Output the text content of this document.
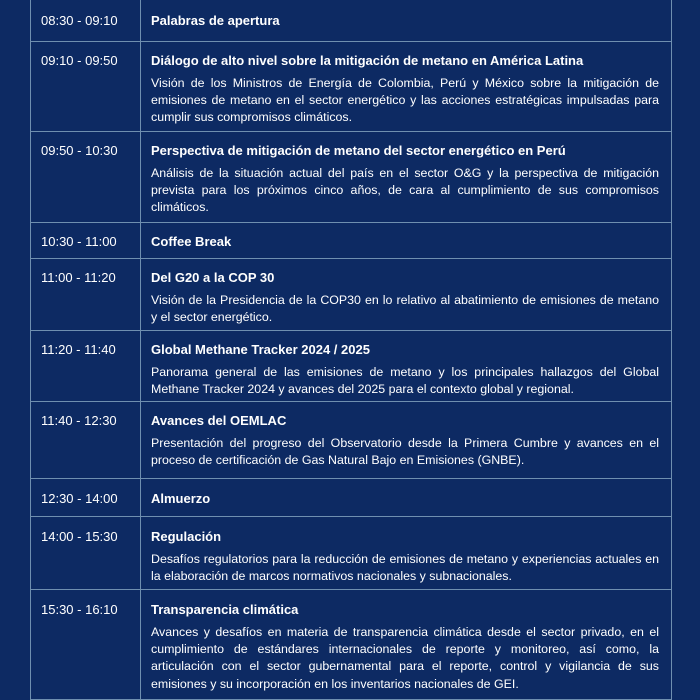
08:30 - 09:10	Palabras de apertura
09:10 - 09:50	Diálogo de alto nivel sobre la mitigación de metano en América Latina
Visión de los Ministros de Energía de Colombia, Perú y México sobre la mitigación de emisiones de metano en el sector energético y las acciones estratégicas impulsadas para cumplir sus compromisos climáticos.
09:50 - 10:30	Perspectiva de mitigación de metano del sector energético en Perú
Análisis de la situación actual del país en el sector O&G y la perspectiva de mitigación prevista para los próximos cinco años, de cara al cumplimiento de sus compromisos climáticos.
10:30 - 11:00	Coffee Break
11:00 - 11:20	Del G20 a la COP 30
Visión de la Presidencia de la COP30 en lo relativo al abatimiento de emisiones de metano y el sector energético.
11:20 - 11:40	Global Methane Tracker 2024 / 2025
Panorama general de las emisiones de metano y los principales hallazgos del Global Methane Tracker 2024 y avances del 2025 para el contexto global y regional.
11:40 - 12:30	Avances del OEMLAC
Presentación del progreso del Observatorio desde la Primera Cumbre y avances en el proceso de certificación de Gas Natural Bajo en Emisiones (GNBE).
12:30 - 14:00	Almuerzo
14:00 - 15:30	Regulación
Desafíos regulatorios para la reducción de emisiones de metano y experiencias actuales en la elaboración de marcos normativos nacionales y subnacionales.
15:30 - 16:10	Transparencia climática
Avances y desafíos en materia de transparencia climática desde el sector privado, en el cumplimiento de estándares internacionales de reporte y monitoreo, así como, la articulación con el sector gubernamental para el reporte, control y vigilancia de sus emisiones y su incorporación en los inventarios nacionales de GEI.
